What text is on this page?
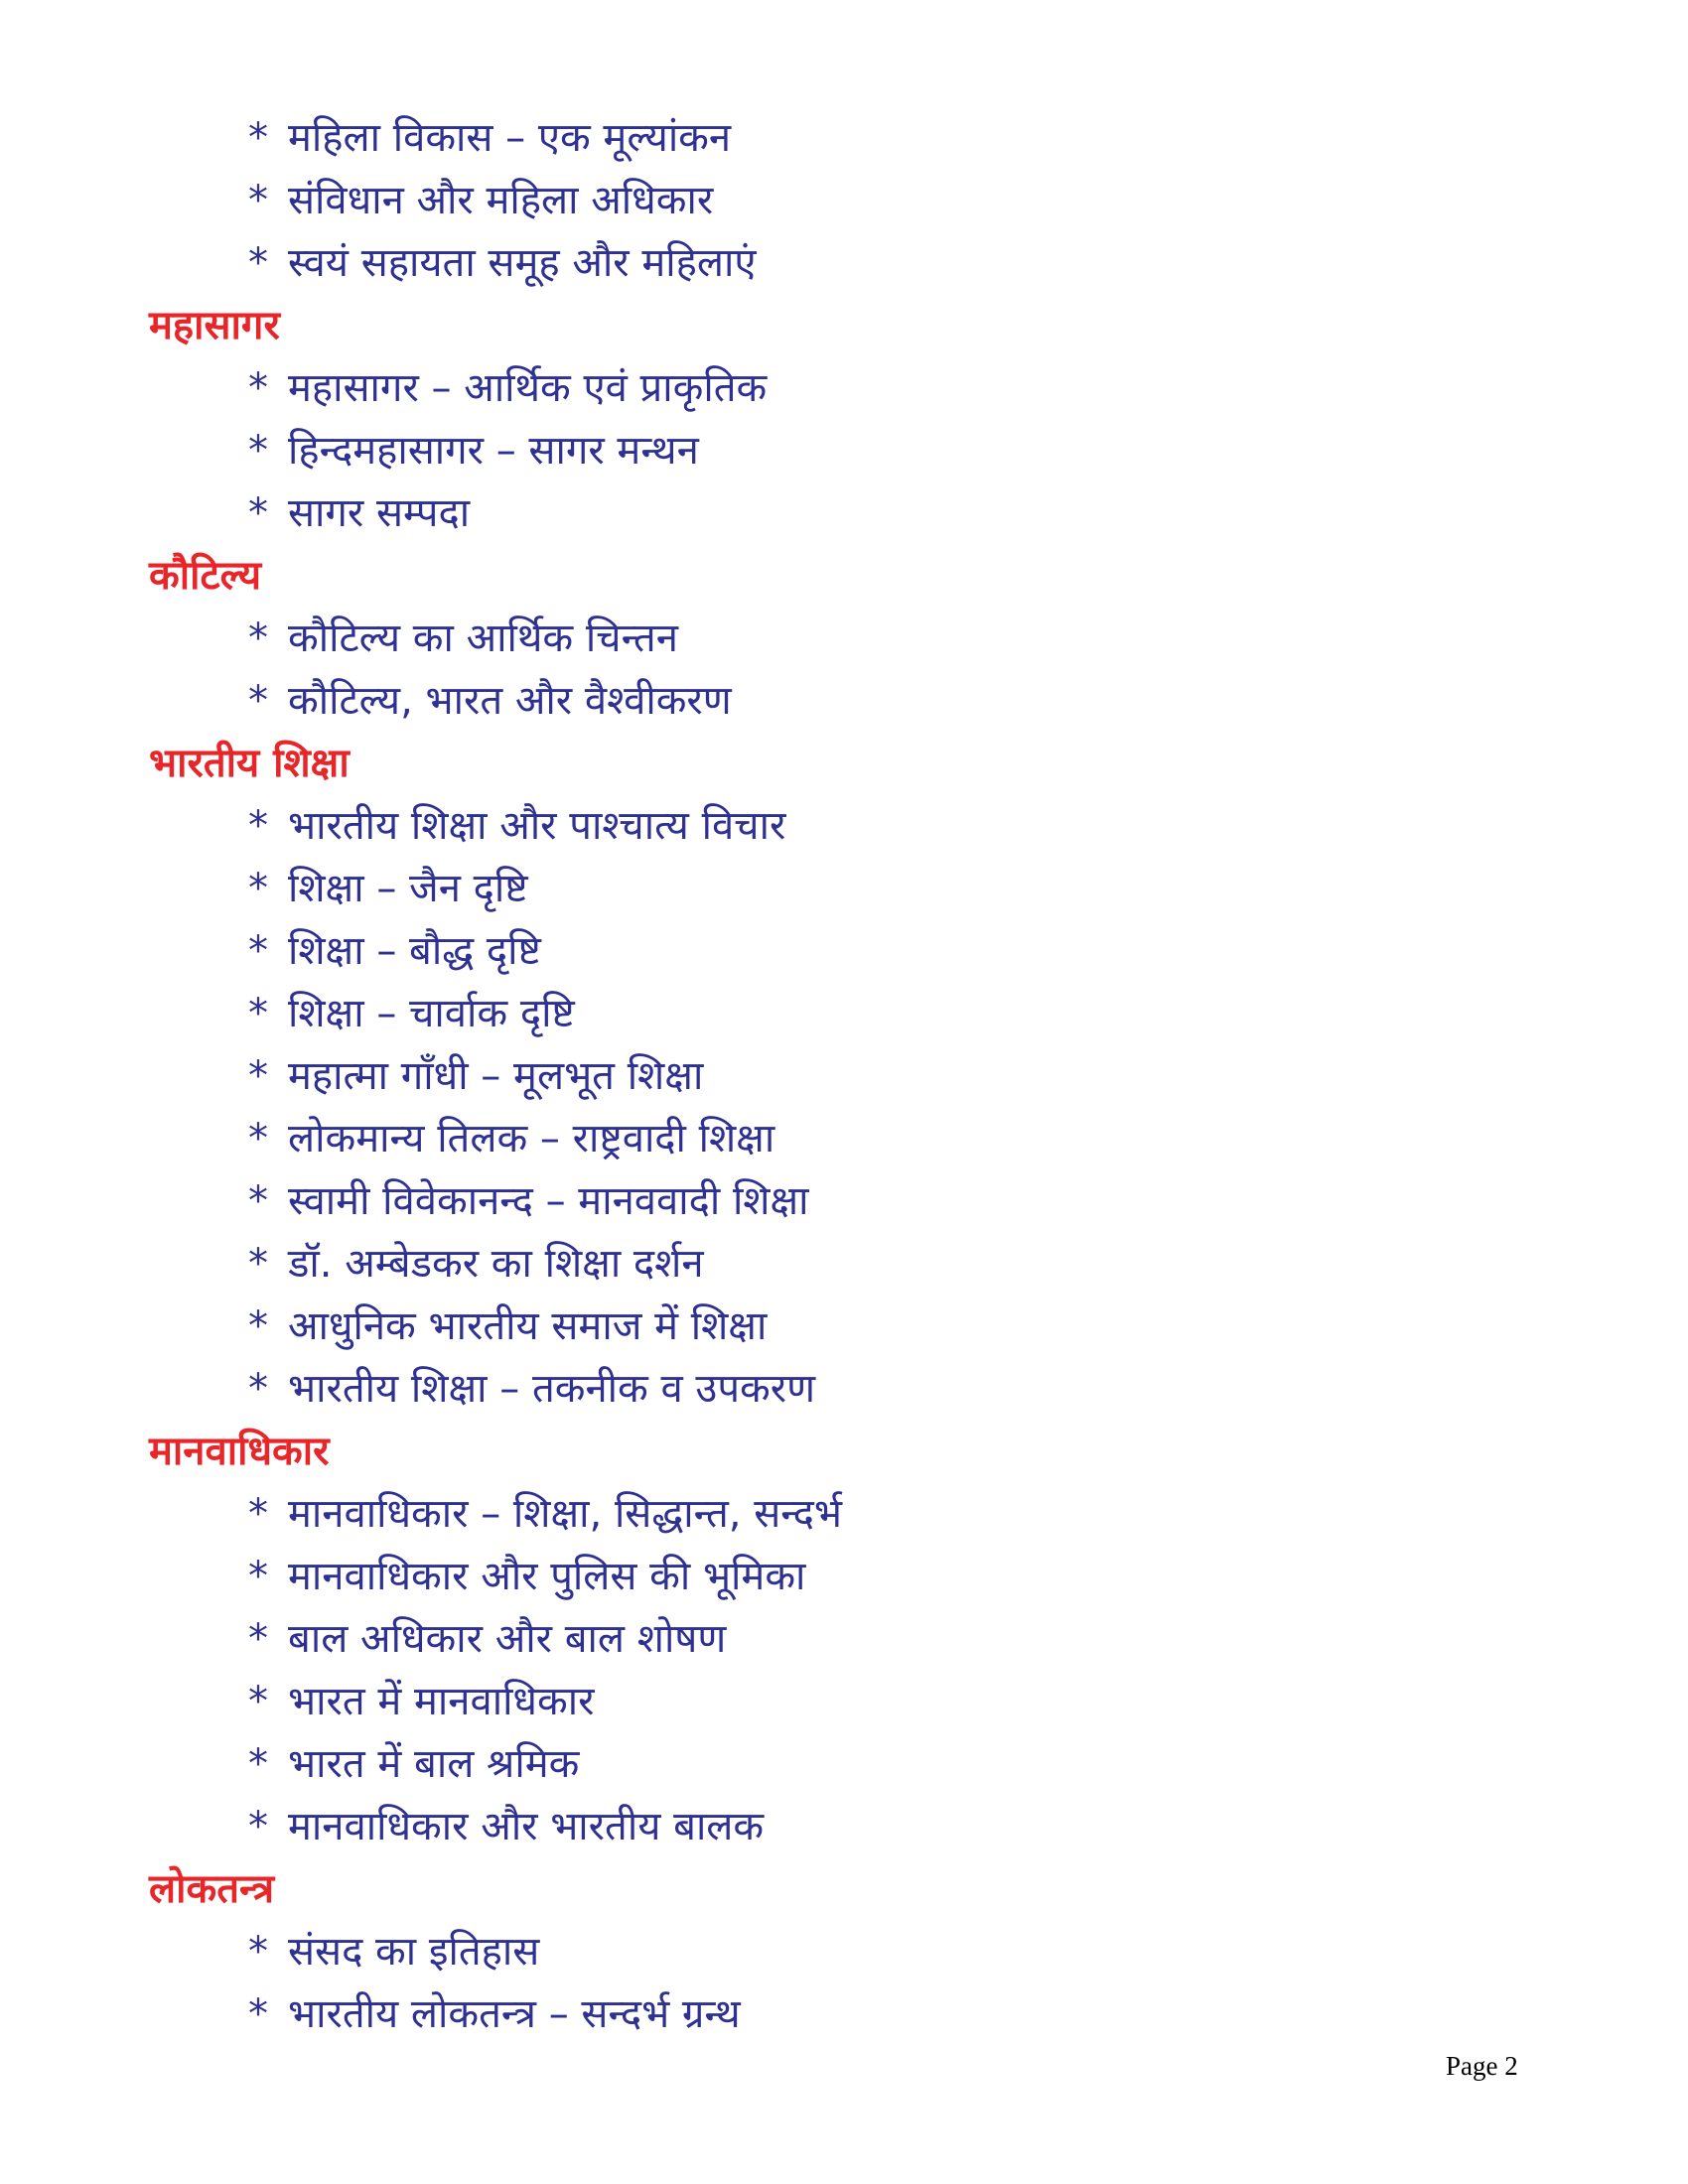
* महिला विकास – एक मूल्यांकन
* संविधान और महिला अधिकार
* स्वयं सहायता समूह और महिलाएं
महासागर
* महासागर – आर्थिक एवं प्राकृतिक
* हिन्दमहासागर – सागर मन्थन
* सागर सम्पदा
कौटिल्य
* कौटिल्य का आर्थिक चिन्तन
* कौटिल्य, भारत और वैश्वीकरण
भारतीय शिक्षा
* भारतीय शिक्षा और पाश्चात्य विचार
* शिक्षा – जैन दृष्टि
* शिक्षा – बौद्ध दृष्टि
* शिक्षा – चार्वाक दृष्टि
* महात्मा गाँधी – मूलभूत शिक्षा
* लोकमान्य तिलक – राष्ट्रवादी शिक्षा
* स्वामी विवेकानन्द – मानववादी शिक्षा
* डॉ. अम्बेडकर का शिक्षा दर्शन
* आधुनिक भारतीय समाज में शिक्षा
* भारतीय शिक्षा – तकनीक व उपकरण
मानवाधिकार
* मानवाधिकार – शिक्षा, सिद्धान्त, सन्दर्भ
* मानवाधिकार और पुलिस की भूमिका
* बाल अधिकार और बाल शोषण
* भारत में मानवाधिकार
* भारत में बाल श्रमिक
* मानवाधिकार और भारतीय बालक
लोकतन्त्र
* संसद का इतिहास
* भारतीय लोकतन्त्र – सन्दर्भ ग्रन्थ
Page 2
